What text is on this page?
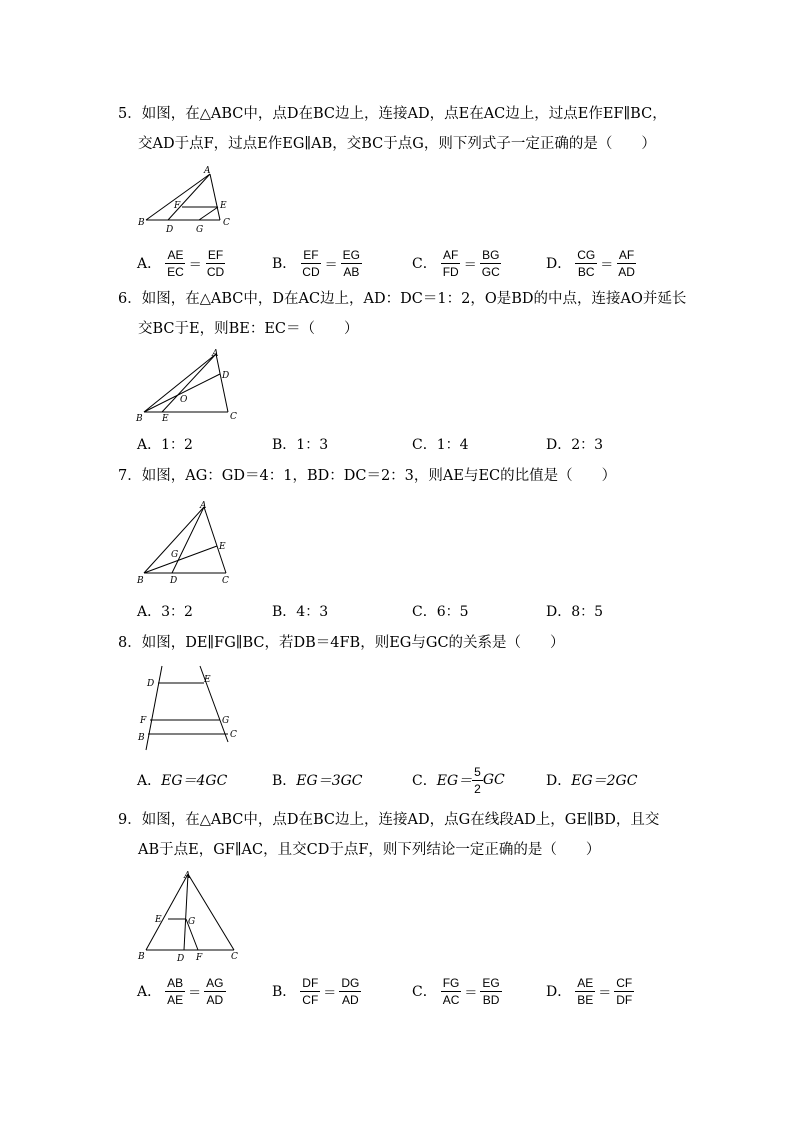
5．如图，在△ABC中，点D在BC边上，连接AD，点E在AC边上，过点E作EF∥BC，
交AD于点F，过点E作EG∥AB，交BC于点G，则下列式子一定正确的是（　　）
A
B	C
D
E
F
G
A． $\frac{AE}{EC} = \frac{EF}{CD}$	B． $\frac{EF}{CD} = \frac{EG}{AB}$	C． $\frac{AF}{FD} = \frac{BG}{GC}$	D． $\frac{CG}{BC} = \frac{AF}{AD}$
6．如图，在△ABC中，D在AC边上，AD：DC＝1：2，O是BD的中点，连接AO并延长
交BC于E，则BE：EC＝（　　）
A
D
O
B E	C
A． 1：2	B． 1：3	C． 1：4	D． 2：3
7．如图，AG：GD＝4：1，BD：DC＝2：3，则AE与EC的比值是（　　）
A
G
E
B	D	C
A． 3：2	B． 4：3	C． 6：5	D． 8：5
8．如图，DE∥FG∥BC，若DB＝4FB，则EG与GC的关系是（　　）
D	E
F	G
B	C
A． EG＝4GC	B． EG＝3GC	C． $EG= \frac{5}{2}$ GC	D． EG＝2GC
9．如图，在△ABC中，点D在BC边上，连接AD，点G在线段AD上，GE∥BD，且交
AB于点E，GF∥AC，且交CD于点F，则下列结论一定正确的是（　　）
A
E	G
B	D F	C
A． $\frac{AB}{AE} = \frac{AG}{AD}$	B． $\frac{DF}{CF} = \frac{DG}{AD}$	C． $\frac{FG}{AC} = \frac{EG}{BD}$	D． $\frac{AE}{BE} = \frac{CF}{DF}$
